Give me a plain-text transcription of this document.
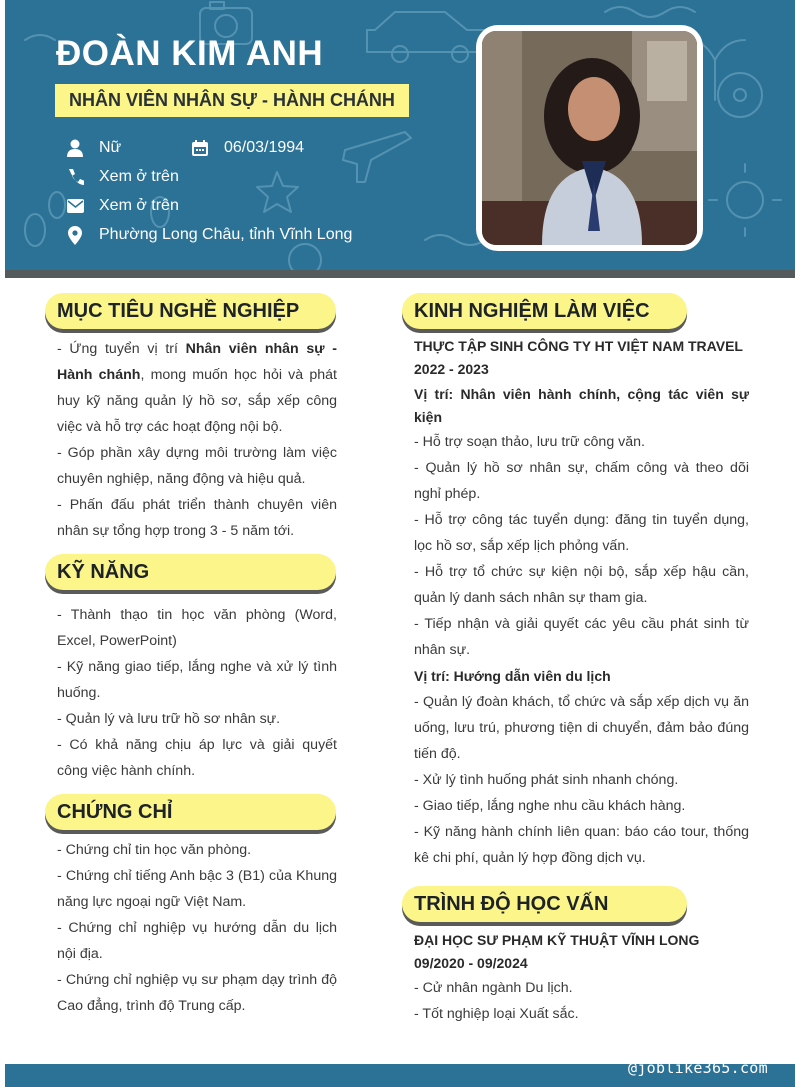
ĐOÀN KIM ANH
NHÂN VIÊN NHÂN SỰ - HÀNH CHÁNH
Nữ	06/03/1994
Xem ở trên
Xem ở trên
Phường Long Châu, tỉnh Vĩnh Long
MỤC TIÊU NGHỀ NGHIỆP

- Ứng tuyển vị trí Nhân viên nhân sự - Hành chánh, mong muốn học hỏi và phát huy kỹ năng quản lý hồ sơ, sắp xếp công việc và hỗ trợ các hoạt động nội bộ.

- Góp phần xây dựng môi trường làm việc chuyên nghiệp, năng động và hiệu quả.

- Phấn đấu phát triển thành chuyên viên nhân sự tổng hợp trong 3 - 5 năm tới.

KỸ NĂNG

- Thành thạo tin học văn phòng (Word, Excel, PowerPoint)

- Kỹ năng giao tiếp, lắng nghe và xử lý tình huống.

- Quản lý và lưu trữ hồ sơ nhân sự.

- Có khả năng chịu áp lực và giải quyết công việc hành chính.

CHỨNG CHỈ

- Chứng chỉ tin học văn phòng.

- Chứng chỉ tiếng Anh bậc 3 (B1) của Khung năng lực ngoại ngữ Việt Nam.

- Chứng chỉ nghiệp vụ hướng dẫn du lịch nội địa.

- Chứng chỉ nghiệp vụ sư phạm dạy trình độ Cao đẳng, trình độ Trung cấp.

KINH NGHIỆM LÀM VIỆC
THỰC TẬP SINH CÔNG TY HT VIỆT NAM TRAVEL
2022 - 2023
Vị trí: Nhân viên hành chính, cộng tác viên sự kiện

- Hỗ trợ soạn thảo, lưu trữ công văn.

- Quản lý hồ sơ nhân sự, chấm công và theo dõi nghỉ phép.

- Hỗ trợ công tác tuyển dụng: đăng tin tuyển dụng, lọc hồ sơ, sắp xếp lịch phỏng vấn.

- Hỗ trợ tổ chức sự kiện nội bộ, sắp xếp hậu cần, quản lý danh sách nhân sự tham gia.

- Tiếp nhận và giải quyết các yêu cầu phát sinh từ nhân sự.

Vị trí: Hướng dẫn viên du lịch

- Quản lý đoàn khách, tổ chức và sắp xếp dịch vụ ăn uống, lưu trú, phương tiện di chuyển, đảm bảo đúng tiến độ.

- Xử lý tình huống phát sinh nhanh chóng.

- Giao tiếp, lắng nghe nhu cầu khách hàng.

- Kỹ năng hành chính liên quan: báo cáo tour, thống kê chi phí, quản lý hợp đồng dịch vụ.

TRÌNH ĐỘ HỌC VẤN
ĐẠI HỌC SƯ PHẠM KỸ THUẬT VĨNH LONG
09/2020 - 09/2024

- Cử nhân ngành Du lịch.

- Tốt nghiệp loại Xuất sắc.

@joblike365.com
